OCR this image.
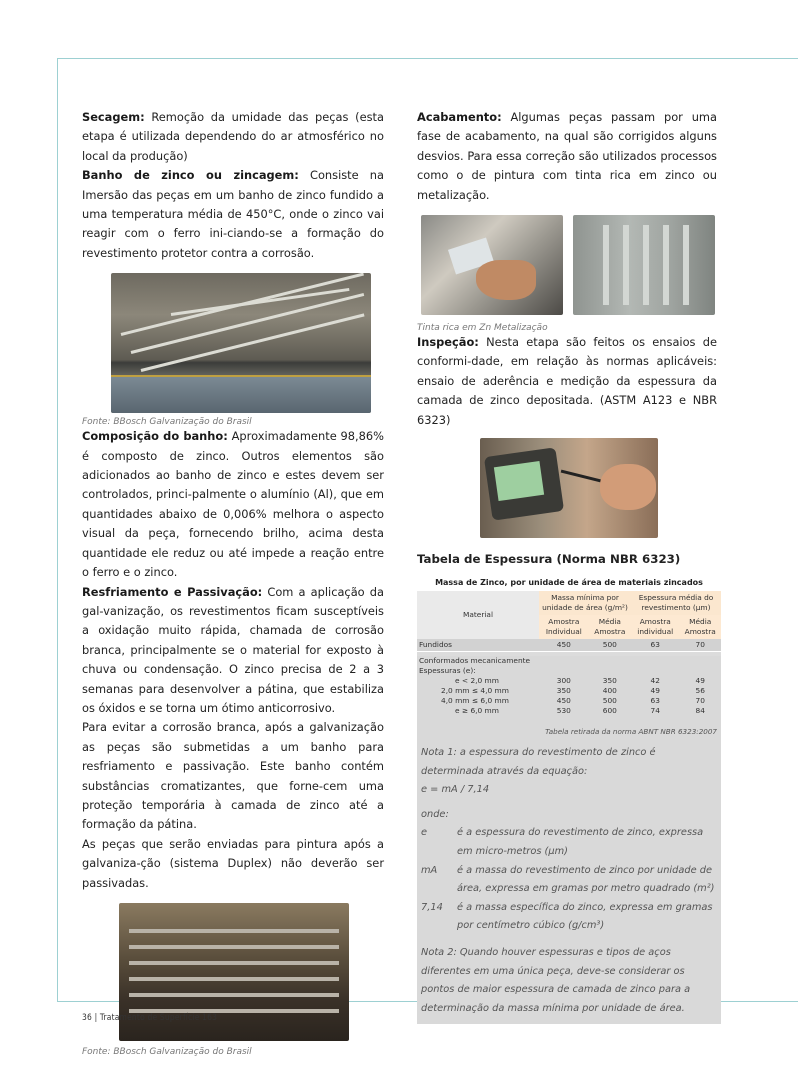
Secagem: Remoção da umidade das peças (esta etapa é utilizada dependendo do ar atmosférico no local da produção)

Banho de zinco ou zincagem: Consiste na Imersão das peças em um banho de zinco fundido a uma temperatura média de 450°C, onde o zinco vai reagir com o ferro ini-ciando-se a formação do revestimento protetor contra a corrosão.

Fonte: BBosch Galvanização do Brasil

Composição do banho: Aproximadamente 98,86% é composto de zinco. Outros elementos são adicionados ao banho de zinco e estes devem ser controlados, princi-palmente o alumínio (Al), que em quantidades abaixo de 0,006% melhora o aspecto visual da peça, fornecendo brilho, acima desta quantidade ele reduz ou até impede a reação entre o ferro e o zinco.

Resfriamento e Passivação: Com a aplicação da gal-vanização, os revestimentos ficam susceptíveis a oxidação muito rápida, chamada de corrosão branca, principalmente se o material for exposto à chuva ou condensação. O zinco precisa de 2 a 3 semanas para desenvolver a pátina, que estabiliza os óxidos e se torna um ótimo anticorrosivo.

Para evitar a corrosão branca, após a galvanização as peças são submetidas a um banho para resfriamento e passivação. Este banho contém substâncias cromatizantes, que forne-cem uma proteção temporária à camada de zinco até a formação da pátina.

As peças que serão enviadas para pintura após a galvaniza-ção (sistema Duplex) não deverão ser passivadas.

Fonte: BBosch Galvanização do Brasil

Acabamento: Algumas peças passam por uma fase de acabamento, na qual são corrigidos alguns desvios. Para essa correção são utilizados processos como o de pintura com tinta rica em zinco ou metalização.

Tinta rica em Zn Metalização

Inspeção: Nesta etapa são feitos os ensaios de conformi-dade, em relação às normas aplicáveis: ensaio de aderência e medição da espessura da camada de zinco depositada. (ASTM A123 e NBR 6323)

Tabela de Espessura (Norma NBR 6323)
Massa de Zinco, por unidade de área de materiais zincados
Material	Massa mínima por unidade de área (g/m²)		Espessura média do revestimento (µm)	
	Amostra Individual	Média Amostra	Amostra individual	Média Amostra
Fundidos	450	500	63	70

Conformados mecanicamente				
Espessuras (e):				
e < 2,0 mm	300	350	42	49
2,0 mm ≤ 4,0 mm	350	400	49	56
4,0 mm ≤ 6,0 mm	450	500	63	70
e ≥ 6,0 mm	530	600	74	84
Tabela retirada da norma ABNT NBR 6323:2007

Nota 1: a espessura do revestimento de zinco é determinada através da equação:

e = mA / 7,14

onde:

e	é a espessura do revestimento de zinco, expressa em micro-metros (µm)
mA	é a massa do revestimento de zinco por unidade de área, expressa em gramas por metro quadrado (m²)
7,14	é a massa específica do zinco, expressa em gramas por centímetro cúbico (g/cm³)

Nota 2: Quando houver espessuras e tipos de aços diferentes em uma única peça, deve-se considerar os pontos de maior espessura de camada de zinco para a determinação da massa mínima por unidade de área.

36 | Tratamento de Superfície 163
